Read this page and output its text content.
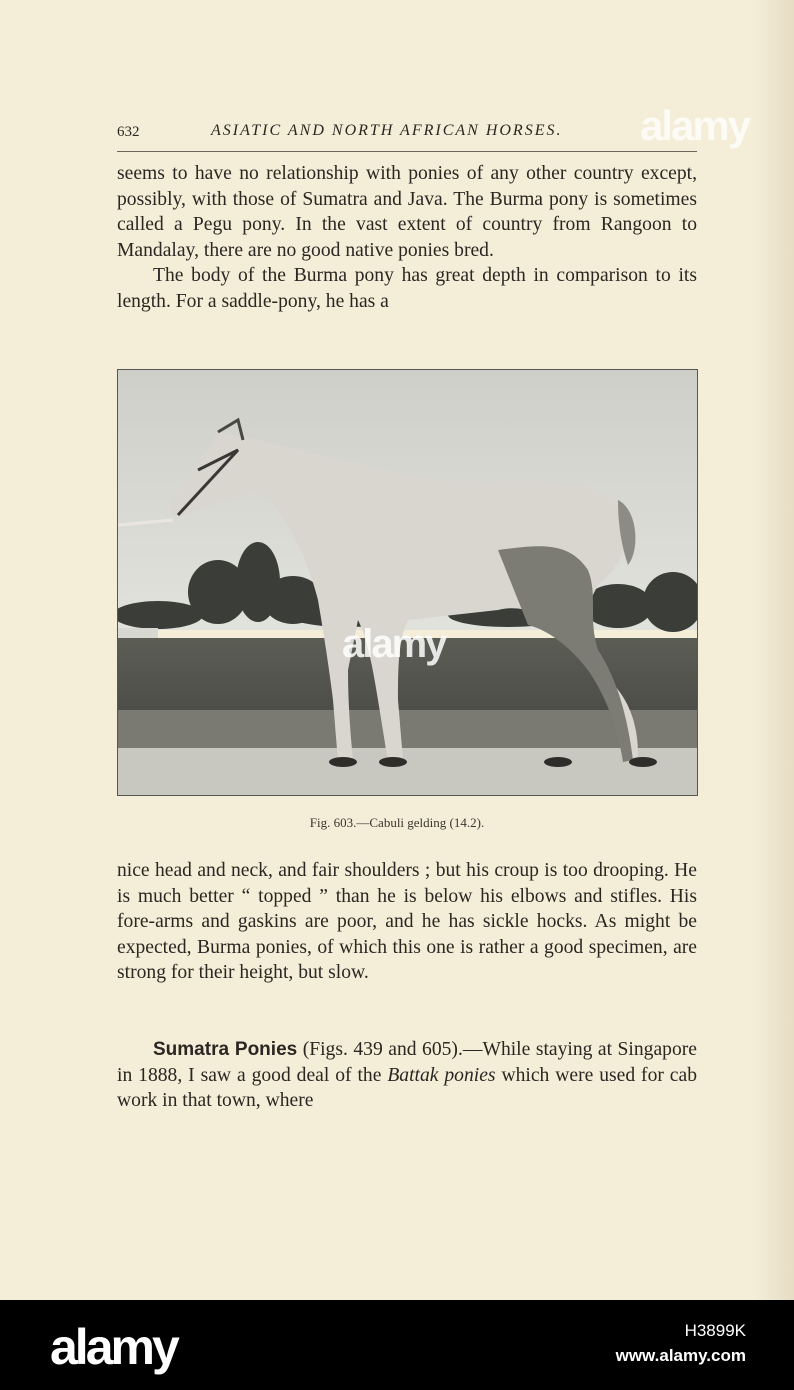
632	ASIATIC AND NORTH AFRICAN HORSES. alamy

seems to have no relationship with ponies of any other country except, possibly, with those of Sumatra and Java. The Burma pony is sometimes called a Pegu pony. In the vast extent of country from Rangoon to Mandalay, there are no good native ponies bred.

The body of the Burma pony has great depth in comparison to its length. For a saddle-pony, he has a

alamy
Fig. 603.—Cabuli gelding (14.2).

nice head and neck, and fair shoulders ; but his croup is too drooping. He is much better “ topped ” than he is below his elbows and stifles. His fore-arms and gaskins are poor, and he has sickle hocks. As might be expected, Burma ponies, of which this one is rather a good specimen, are strong for their height, but slow.

Sumatra Ponies (Figs. 439 and 605).—While staying at Singapore in 1888, I saw a good deal of the Battak ponies which were used for cab work in that town, where

alamy	H3899K
www.alamy.com
